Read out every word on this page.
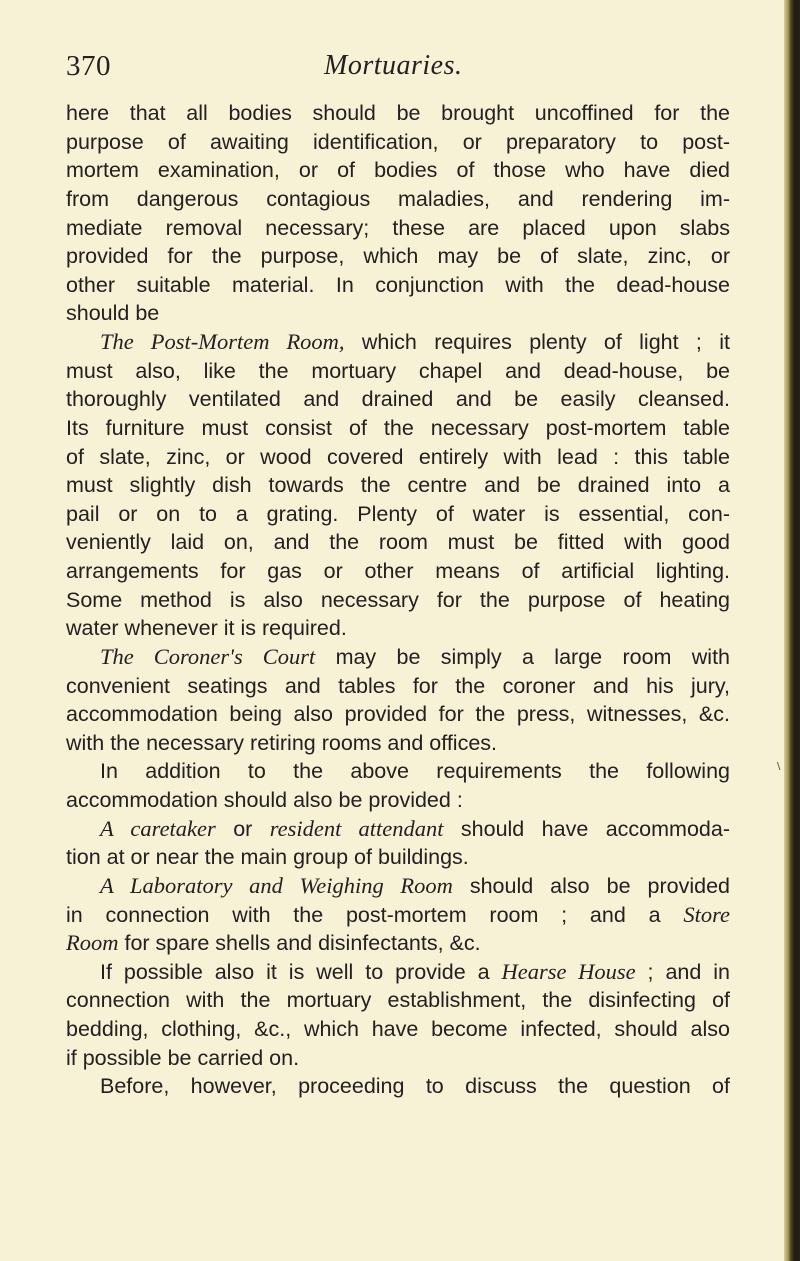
\
370	Mortuaries.
here that all bodies should be brought uncoffined for the
purpose of awaiting identification, or preparatory to post-
mortem examination, or of bodies of those who have died
from dangerous contagious maladies, and rendering im-
mediate removal necessary; these are placed upon slabs
provided for the purpose, which may be of slate, zinc, or
other suitable material. In conjunction with the dead-house
should be
The Post-Mortem Room, which requires plenty of light ; it
must also, like the mortuary chapel and dead-house, be
thoroughly ventilated and drained and be easily cleansed.
Its furniture must consist of the necessary post-mortem table
of slate, zinc, or wood covered entirely with lead : this table
must slightly dish towards the centre and be drained into a
pail or on to a grating. Plenty of water is essential, con-
veniently laid on, and the room must be fitted with good
arrangements for gas or other means of artificial lighting.
Some method is also necessary for the purpose of heating
water whenever it is required.
The Coroner's Court may be simply a large room with
convenient seatings and tables for the coroner and his jury,
accommodation being also provided for the press, witnesses, &c.
with the necessary retiring rooms and offices.
In addition to the above requirements the following
accommodation should also be provided :
A caretaker or resident attendant should have accommoda-
tion at or near the main group of buildings.
A Laboratory and Weighing Room should also be provided
in connection with the post-mortem room ; and a Store
Room for spare shells and disinfectants, &c.
If possible also it is well to provide a Hearse House ; and in
connection with the mortuary establishment, the disinfecting of
bedding, clothing, &c., which have become infected, should also
if possible be carried on.
Before, however, proceeding to discuss the question of
